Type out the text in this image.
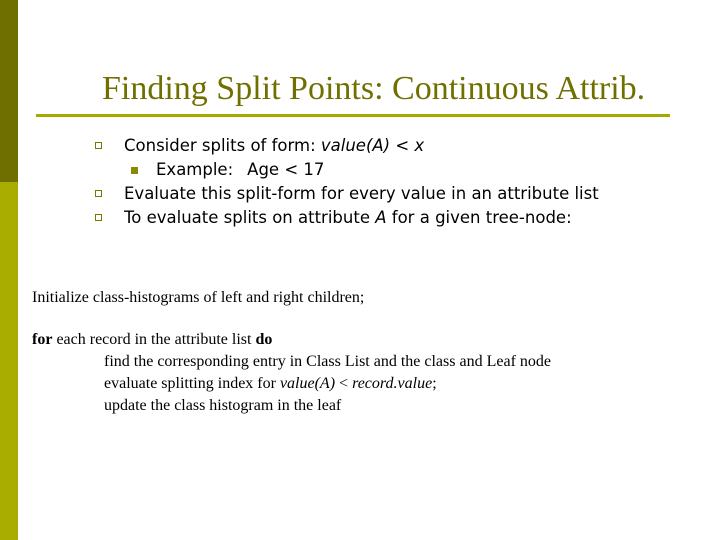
Finding Split Points: Continuous Attrib.
Consider splits of form: value(A) < x
Example: Age < 17
Evaluate this split-form for every value in an attribute list
To evaluate splits on attribute A for a given tree-node:
Initialize class-histograms of left and right children;
for each record in the attribute list do
find the corresponding entry in Class List and the class and Leaf node
evaluate splitting index for value(A) < record.value;
update the class histogram in the leaf
